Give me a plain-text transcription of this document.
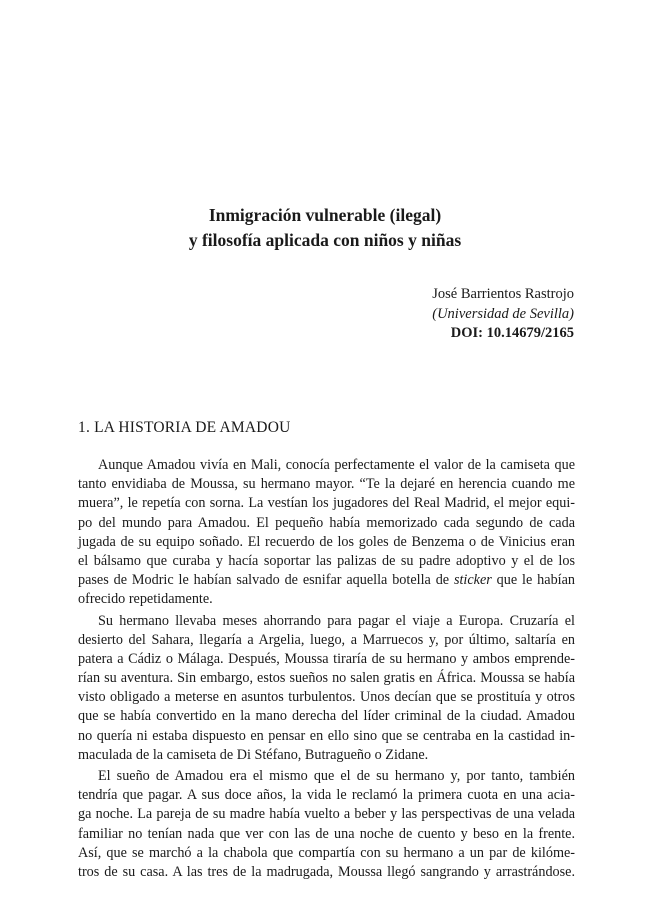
Inmigración vulnerable (ilegal)
y filosofía aplicada con niños y niñas
José Barrientos Rastrojo
(Universidad de Sevilla)
DOI: 10.14679/2165
1. LA HISTORIA DE AMADOU
Aunque Amadou vivía en Mali, conocía perfectamente el valor de la camiseta que
tanto envidiaba de Moussa, su hermano mayor. “Te la dejaré en herencia cuando me
muera”, le repetía con sorna. La vestían los jugadores del Real Madrid, el mejor equi-
po del mundo para Amadou. El pequeño había memorizado cada segundo de cada
jugada de su equipo soñado. El recuerdo de los goles de Benzema o de Vinicius eran
el bálsamo que curaba y hacía soportar las palizas de su padre adoptivo y el de los
pases de Modric le habían salvado de esnifar aquella botella de sticker que le habían
ofrecido repetidamente.
Su hermano llevaba meses ahorrando para pagar el viaje a Europa. Cruzaría el
desierto del Sahara, llegaría a Argelia, luego, a Marruecos y, por último, saltaría en
patera a Cádiz o Málaga. Después, Moussa tiraría de su hermano y ambos emprende-
rían su aventura. Sin embargo, estos sueños no salen gratis en África. Moussa se había
visto obligado a meterse en asuntos turbulentos. Unos decían que se prostituía y otros
que se había convertido en la mano derecha del líder criminal de la ciudad. Amadou
no quería ni estaba dispuesto en pensar en ello sino que se centraba en la castidad in-
maculada de la camiseta de Di Stéfano, Butragueño o Zidane.
El sueño de Amadou era el mismo que el de su hermano y, por tanto, también
tendría que pagar. A sus doce años, la vida le reclamó la primera cuota en una acia-
ga noche. La pareja de su madre había vuelto a beber y las perspectivas de una velada
familiar no tenían nada que ver con las de una noche de cuento y beso en la frente.
Así, que se marchó a la chabola que compartía con su hermano a un par de kilóme-
tros de su casa. A las tres de la madrugada, Moussa llegó sangrando y arrastrándose.
